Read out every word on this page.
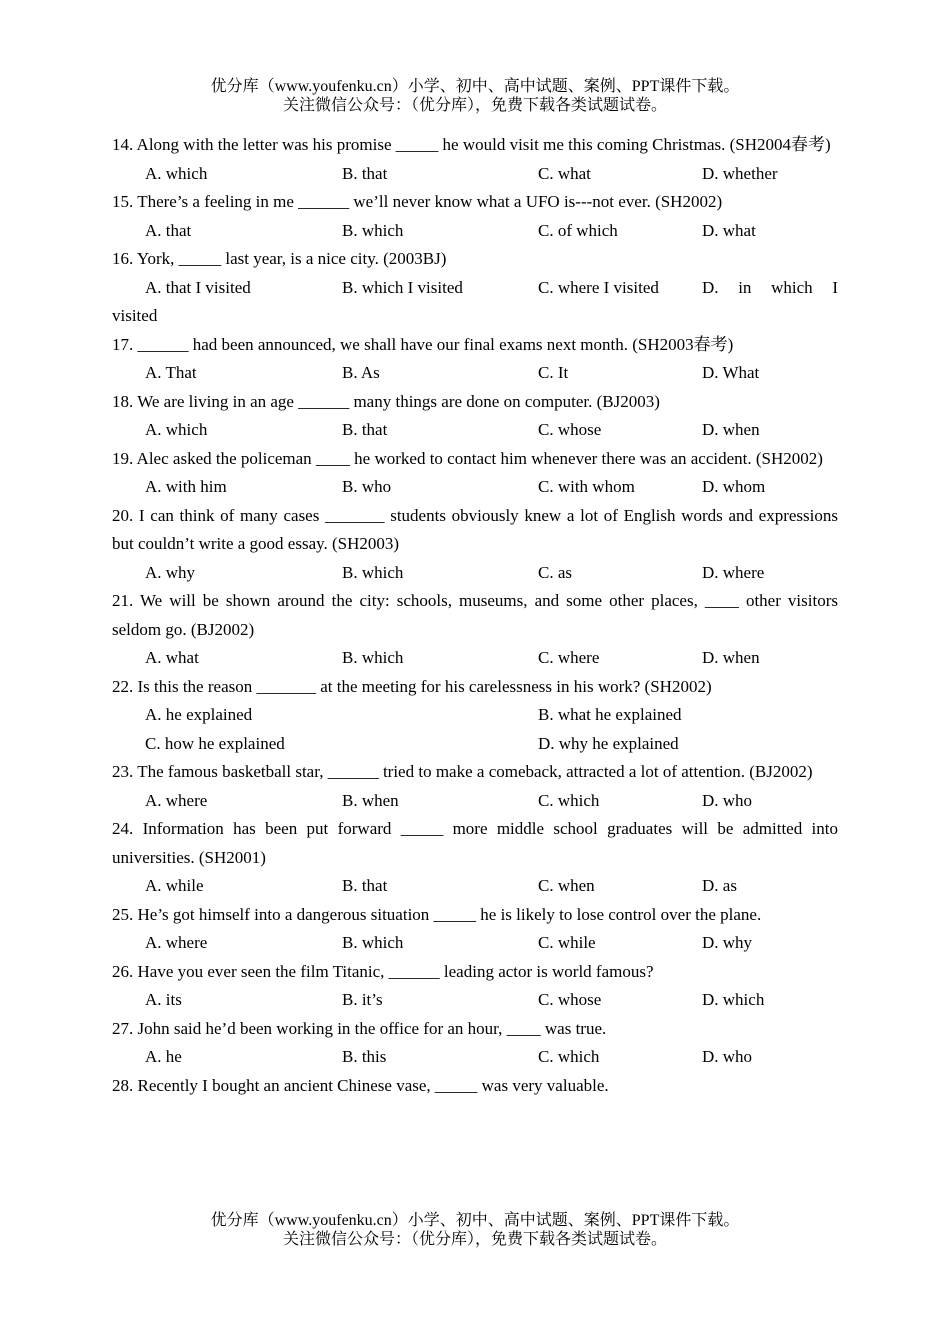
优分库（www.youfenku.cn）小学、初中、高中试题、案例、PPT课件下载。
关注微信公众号：（优分库），免费下载各类试题试卷。

14. Along with the letter was his promise _____ he would visit me this coming Christmas. (SH2004春考)

A. which	B. that	C. what	D. whether

15. There’s a feeling in me ______ we’ll never know what a UFO is---not ever. (SH2002)

A. that	B. which	C. of which	D. what

16. York, _____ last year, is a nice city. (2003BJ)

A. that I visited	B. which I visited	C. where I visited	D. in which I
visited

17. ______ had been announced, we shall have our final exams next month. (SH2003春考)

A. That	B. As	C. It	D. What

18. We are living in an age ______ many things are done on computer. (BJ2003)

A. which	B. that	C. whose	D. when

19. Alec asked the policeman ____ he worked to contact him whenever there was an accident. (SH2002)

A. with him	B. who	C. with whom	D. whom

20. I can think of many cases _______ students obviously knew a lot of English words and expressions but couldn’t write a good essay. (SH2003)

A. why	B. which	C. as	D. where

21. We will be shown around the city: schools, museums, and some other places, ____ other visitors seldom go. (BJ2002)

A. what	B. which	C. where	D. when

22. Is this the reason _______ at the meeting for his carelessness in his work? (SH2002)

A. he explained	B. what he explained
C. how he explained	D. why he explained

23. The famous basketball star, ______ tried to make a comeback, attracted a lot of attention. (BJ2002)

A. where	B. when	C. which	D. who

24. Information has been put forward _____ more middle school graduates will be admitted into universities. (SH2001)

A. while	B. that	C. when	D. as

25. He’s got himself into a dangerous situation _____ he is likely to lose control over the plane.

A. where	B. which	C. while	D. why

26. Have you ever seen the film Titanic, ______ leading actor is world famous?

A. its	B. it’s	C. whose	D. which

27. John said he’d been working in the office for an hour, ____ was true.

A. he	B. this	C. which	D. who

28. Recently I bought an ancient Chinese vase, _____ was very valuable.

优分库（www.youfenku.cn）小学、初中、高中试题、案例、PPT课件下载。
关注微信公众号：（优分库），免费下载各类试题试卷。
